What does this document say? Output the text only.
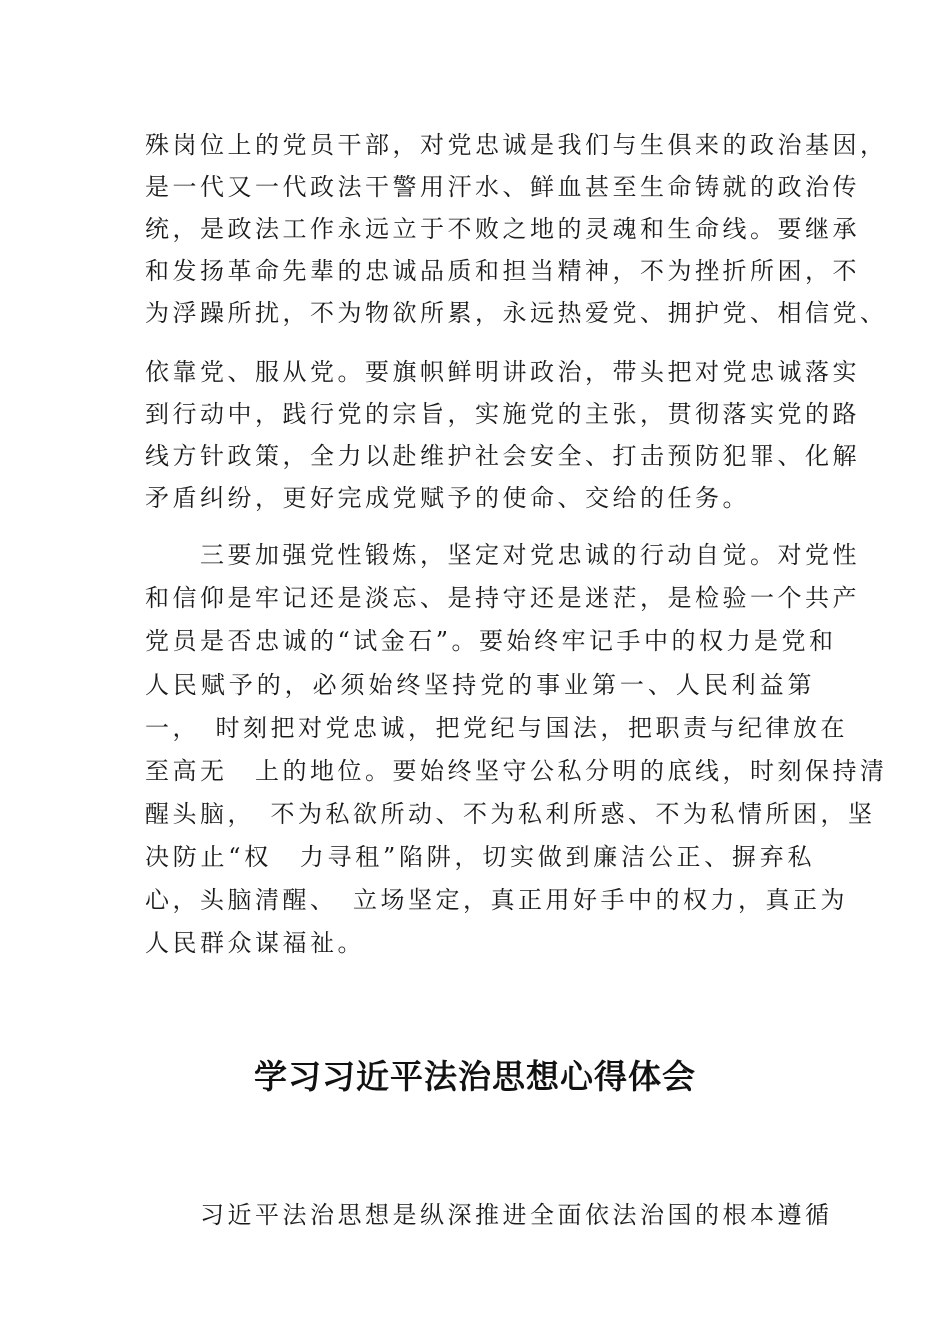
殊岗位上的党员干部，对党忠诚是我们与生俱来的政治基因，
是一代又一代政法干警用汗水、鲜血甚至生命铸就的政治传
统，是政法工作永远立于不败之地的灵魂和生命线。要继承
和发扬革命先辈的忠诚品质和担当精神，不为挫折所困，不
为浮躁所扰，不为物欲所累，永远热爱党、拥护党、相信党、
依靠党、服从党。要旗帜鲜明讲政治，带头把对党忠诚落实
到行动中，践行党的宗旨，实施党的主张，贯彻落实党的路
线方针政策，全力以赴维护社会安全、打击预防犯罪、化解
矛盾纠纷，更好完成党赋予的使命、交给的任务。
　　三要加强党性锻炼，坚定对党忠诚的行动自觉。对党性
和信仰是牢记还是淡忘、是持守还是迷茫，是检验一个共产
党员是否忠诚的“试金石”。要始终牢记手中的权力是党和
人民赋予的，必须始终坚持党的事业第一、人民利益第
一，　时刻把对党忠诚，把党纪与国法，把职责与纪律放在
至高无　上的地位。要始终坚守公私分明的底线，时刻保持清
醒头脑，　不为私欲所动、不为私利所惑、不为私情所困，坚
决防止“权　力寻租”陷阱，切实做到廉洁公正、摒弃私
心，头脑清醒、　立场坚定，真正用好手中的权力，真正为
人民群众谋福祉。
学习习近平法治思想心得体会
　　习近平法治思想是纵深推进全面依法治国的根本遵循
